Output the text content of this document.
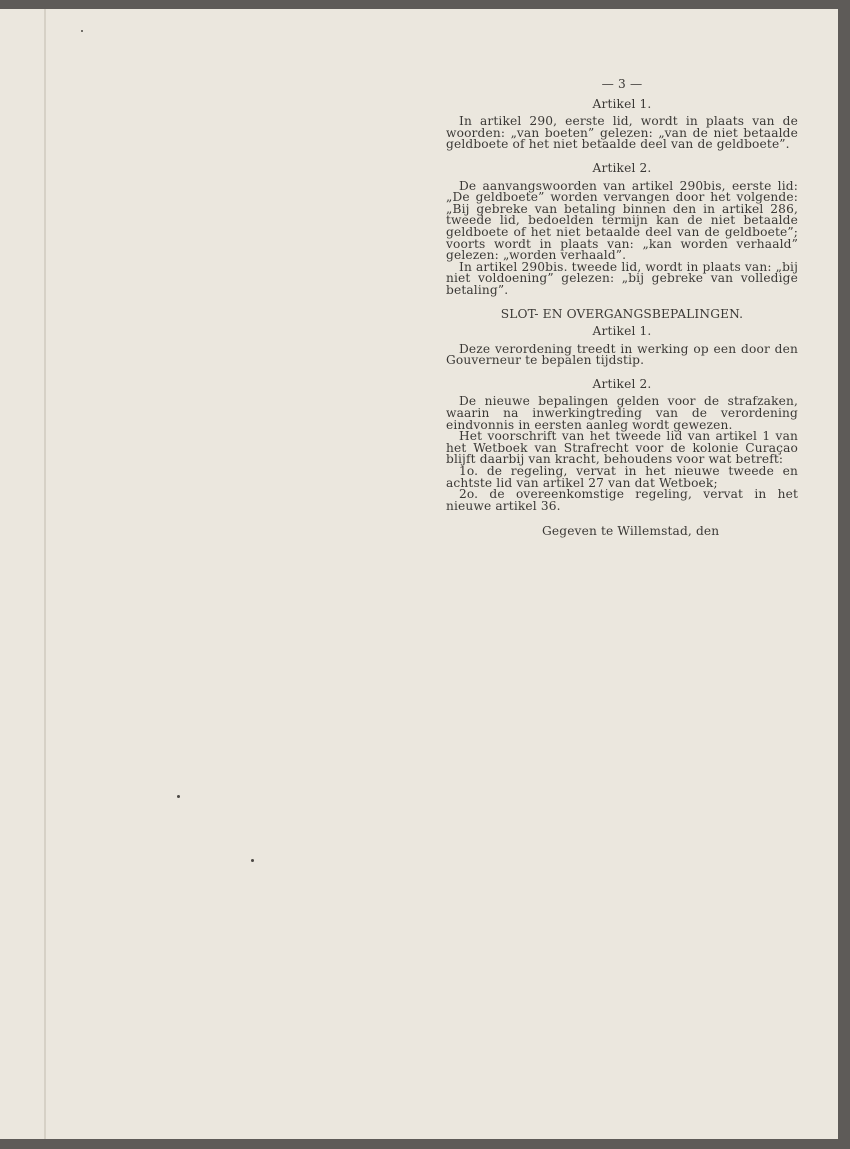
— 3 —
Artikel 1.
In artikel 290, eerste lid, wordt in plaats van de woorden: „van boeten” gelezen: „van de niet betaalde geldboete of het niet betaalde deel van de geldboete”.
Artikel 2.
De aanvangswoorden van artikel 290bis, eerste lid: „De geldboete” worden vervangen door het volgende: „Bij gebreke van betaling binnen den in artikel 286, tweede lid, bedoelden termijn kan de niet betaalde geldboete of het niet betaalde deel van de geldboete”; voorts wordt in plaats van: „kan worden verhaald” gelezen: „worden verhaald”.
In artikel 290bis. tweede lid, wordt in plaats van: „bij niet voldoening” gelezen: „bij gebreke van volledige betaling”.
SLOT- EN OVERGANGSBEPALINGEN.
Artikel 1.
Deze verordening treedt in werking op een door den Gouverneur te bepalen tijdstip.
Artikel 2.
De nieuwe bepalingen gelden voor de strafzaken, waarin na inwerkingtreding van de verordening eindvonnis in eersten aanleg wordt gewezen.
Het voorschrift van het tweede lid van artikel 1 van het Wetboek van Strafrecht voor de kolonie Curaçao blijft daarbij van kracht, behoudens voor wat betreft:
1o. de regeling, vervat in het nieuwe tweede en achtste lid van artikel 27 van dat Wetboek;
2o. de overeenkomstige regeling, vervat in het nieuwe artikel 36.
Gegeven te Willemstad, den
